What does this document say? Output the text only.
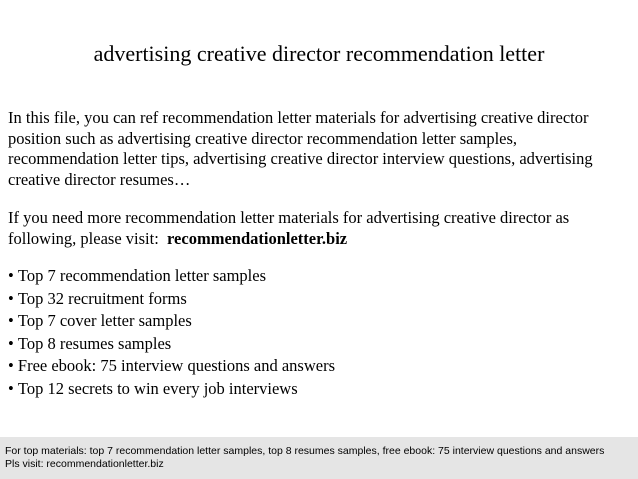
advertising creative director recommendation letter

In this file, you can ref recommendation letter materials for advertising creative director position such as advertising creative director recommendation letter samples, recommendation letter tips, advertising creative director interview questions, advertising creative director resumes…

If you need more recommendation letter materials for advertising creative director as following, please visit: recommendationletter.biz

• Top 7 recommendation letter samples
• Top 32 recruitment forms
• Top 7 cover letter samples
• Top 8 resumes samples
• Free ebook: 75 interview questions and answers
• Top 12 secrets to win every job interviews
For top materials: top 7 recommendation letter samples, top 8 resumes samples, free ebook: 75 interview questions and answers
Pls visit: recommendationletter.biz
